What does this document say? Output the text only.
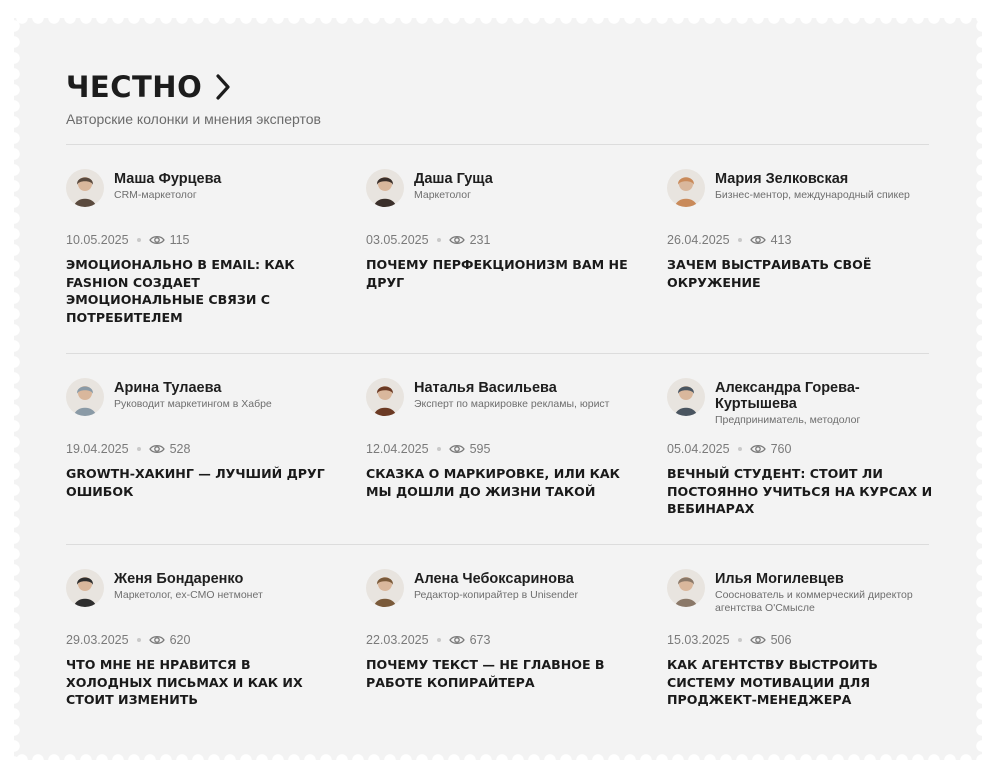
ЧЕСТНО
Авторские колонки и мнения экспертов
Маша Фурцева
CRM-маркетолог
10.05.2025	115
ЭМОЦИОНАЛЬНО В EMAIL: КАК FASHION СОЗДАЕТ ЭМОЦИОНАЛЬНЫЕ СВЯЗИ С ПОТРЕБИТЕЛЕМ
Даша Гуща
Маркетолог
03.05.2025	231
ПОЧЕМУ ПЕРФЕКЦИОНИЗМ ВАМ НЕ ДРУГ
Мария Зелковская
Бизнес-ментор, международный спикер
26.04.2025	413
ЗАЧЕМ ВЫСТРАИВАТЬ СВОЁ ОКРУЖЕНИЕ
Арина Тулаева
Руководит маркетингом в Хабре
19.04.2025	528
GROWTH-ХАКИНГ — ЛУЧШИЙ ДРУГ ОШИБОК
Наталья Васильева
Эксперт по маркировке рекламы, юрист
12.04.2025	595
СКАЗКА О МАРКИРОВКЕ, ИЛИ КАК МЫ ДОШЛИ ДО ЖИЗНИ ТАКОЙ
Александра Горева-Куртышева
Предприниматель, методолог
05.04.2025	760
ВЕЧНЫЙ СТУДЕНТ: СТОИТ ЛИ ПОСТОЯННО УЧИТЬСЯ НА КУРСАХ И ВЕБИНАРАХ
Женя Бондаренко
Маркетолог, ex-CMO нетмонет
29.03.2025	620
ЧТО МНЕ НЕ НРАВИТСЯ В ХОЛОДНЫХ ПИСЬМАХ И КАК ИХ СТОИТ ИЗМЕНИТЬ
Алена Чебоксаринова
Редактор-копирайтер в Unisender
22.03.2025	673
ПОЧЕМУ ТЕКСТ — НЕ ГЛАВНОЕ В РАБОТЕ КОПИРАЙТЕРА
Илья Могилевцев
Сооснователь и коммерческий директор агентства О'Смысле
15.03.2025	506
КАК АГЕНТСТВУ ВЫСТРОИТЬ СИСТЕМУ МОТИВАЦИИ ДЛЯ ПРОДЖЕКТ-МЕНЕДЖЕРА
